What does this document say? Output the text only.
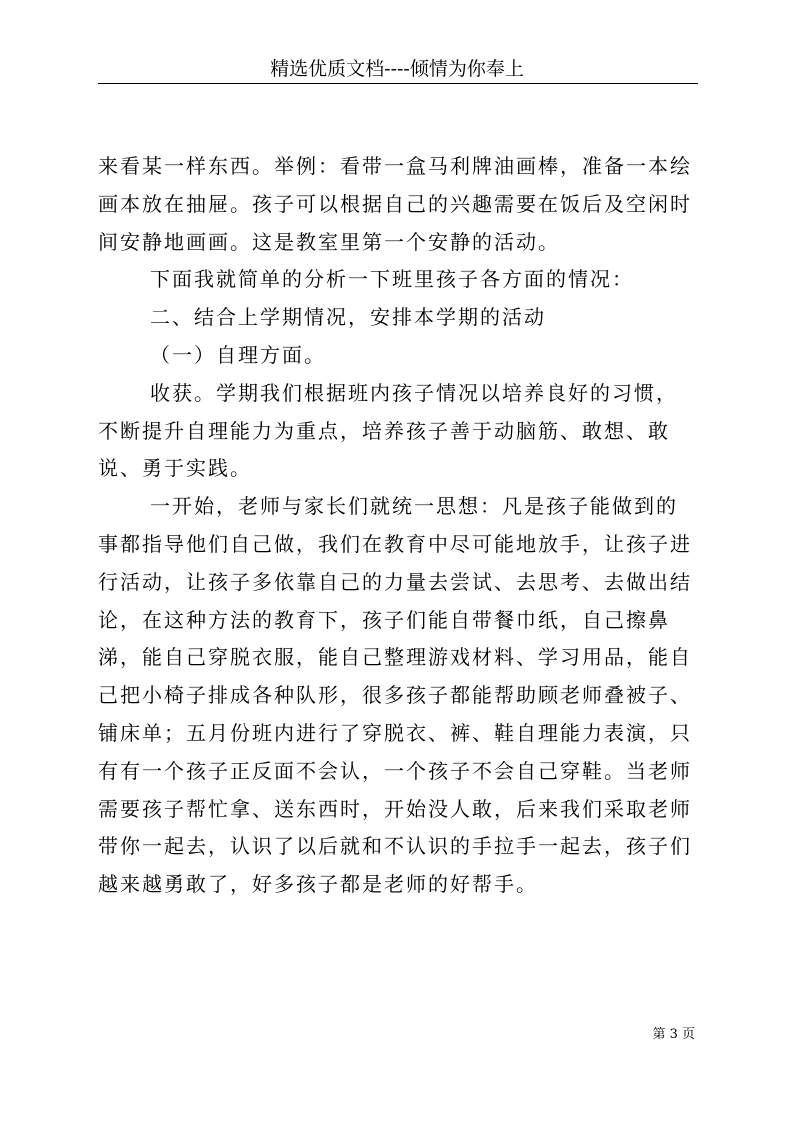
精选优质文档----倾情为你奉上

来看某一样东西。举例：看带一盒马利牌油画棒，准备一本绘画本放在抽屉。孩子可以根据自己的兴趣需要在饭后及空闲时间安静地画画。这是教室里第一个安静的活动。

下面我就简单的分析一下班里孩子各方面的情况：

二、结合上学期情况，安排本学期的活动

（一）自理方面。

收获。学期我们根据班内孩子情况以培养良好的习惯，不断提升自理能力为重点，培养孩子善于动脑筋、敢想、敢说、勇于实践。

一开始，老师与家长们就统一思想：凡是孩子能做到的事都指导他们自己做，我们在教育中尽可能地放手，让孩子进行活动，让孩子多依靠自己的力量去尝试、去思考、去做出结论，在这种方法的教育下，孩子们能自带餐巾纸，自己擦鼻涕，能自己穿脱衣服，能自己整理游戏材料、学习用品，能自己把小椅子排成各种队形，很多孩子都能帮助顾老师叠被子、铺床单；五月份班内进行了穿脱衣、裤、鞋自理能力表演，只有有一个孩子正反面不会认，一个孩子不会自己穿鞋。当老师需要孩子帮忙拿、送东西时，开始没人敢，后来我们采取老师带你一起去，认识了以后就和不认识的手拉手一起去，孩子们越来越勇敢了，好多孩子都是老师的好帮手。

第 3 页
